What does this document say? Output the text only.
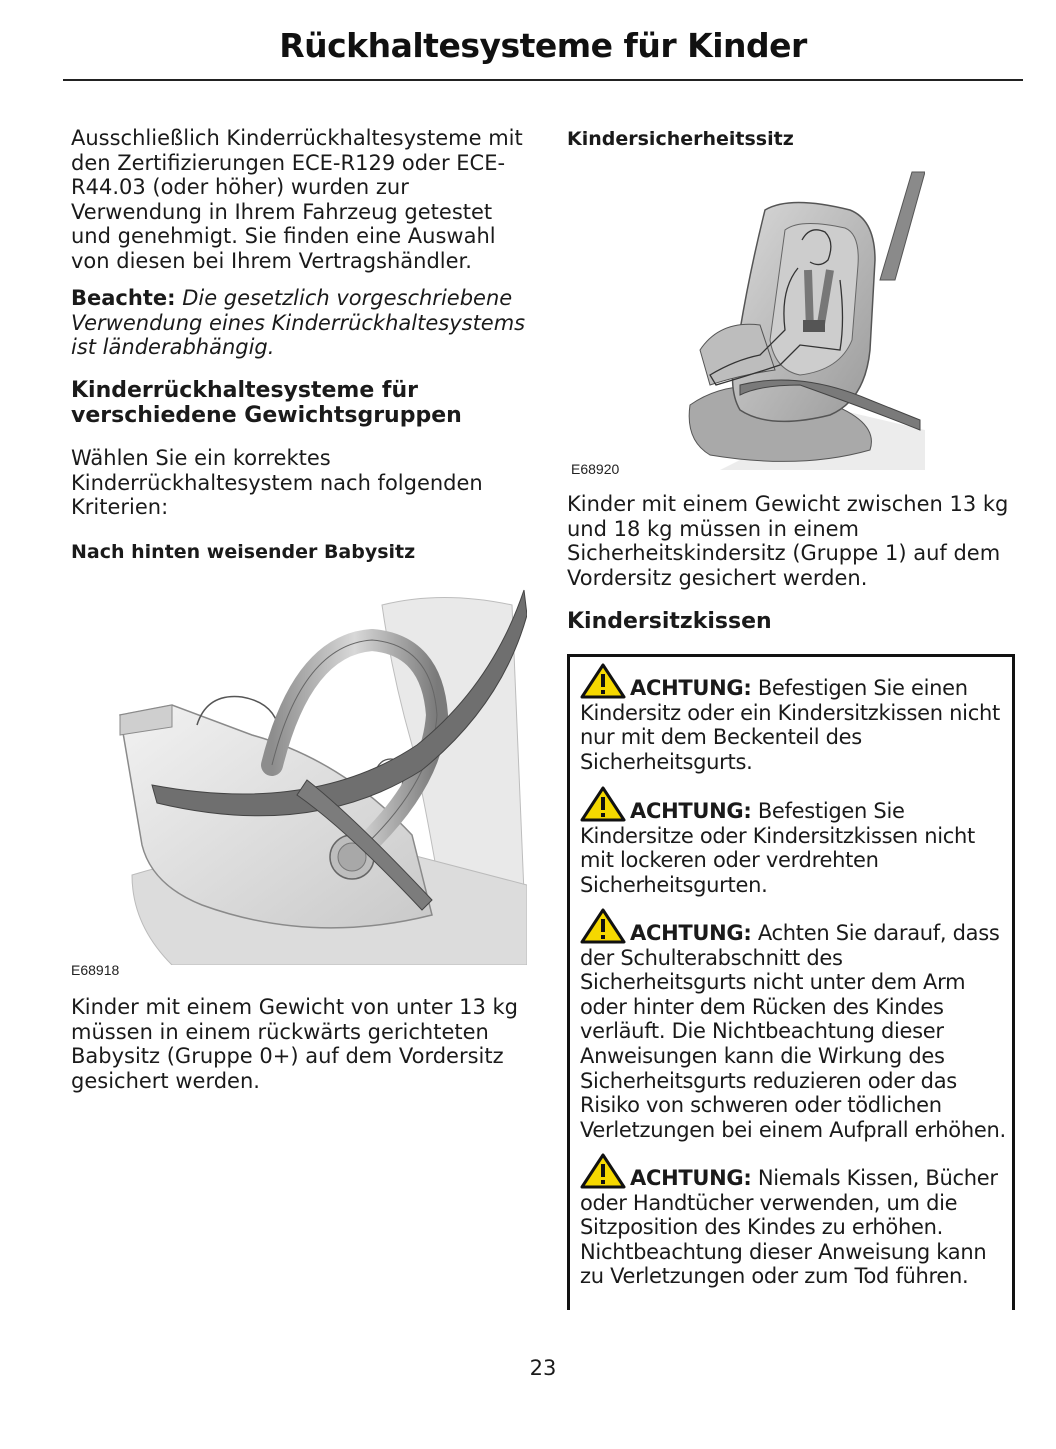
Rückhaltesysteme für Kinder

Ausschließlich Kinderrückhaltesysteme mit den Zertifizierungen ECE-R129 oder ECE-R44.03 (oder höher) wurden zur Verwendung in Ihrem Fahrzeug getestet und genehmigt. Sie finden eine Auswahl von diesen bei Ihrem Vertragshändler.

Beachte: Die gesetzlich vorgeschriebene Verwendung eines Kinderrückhaltesystems ist länderabhängig.

Kinderrückhaltesysteme für verschiedene Gewichtsgruppen

Wählen Sie ein korrektes Kinderrückhaltesystem nach folgenden Kriterien:

Nach hinten weisender Babysitz

E68918

Kinder mit einem Gewicht von unter 13 kg müssen in einem rückwärts gerichteten Babysitz (Gruppe 0+) auf dem Vordersitz gesichert werden.

Kindersicherheitssitz

E68920

Kinder mit einem Gewicht zwischen 13 kg und 18 kg müssen in einem Sicherheitskindersitz (Gruppe 1) auf dem Vordersitz gesichert werden.

Kindersitzkissen

ACHTUNG: Befestigen Sie einen Kindersitz oder ein Kindersitzkissen nicht nur mit dem Beckenteil des Sicherheitsgurts.
ACHTUNG: Befestigen Sie Kindersitze oder Kindersitzkissen nicht mit lockeren oder verdrehten Sicherheitsgurten.
ACHTUNG: Achten Sie darauf, dass der Schulterabschnitt des Sicherheitsgurts nicht unter dem Arm oder hinter dem Rücken des Kindes verläuft. Die Nichtbeachtung dieser Anweisungen kann die Wirkung des Sicherheitsgurts reduzieren oder das Risiko von schweren oder tödlichen Verletzungen bei einem Aufprall erhöhen.
ACHTUNG: Niemals Kissen, Bücher oder Handtücher verwenden, um die Sitzposition des Kindes zu erhöhen. Nichtbeachtung dieser Anweisung kann zu Verletzungen oder zum Tod führen.
23
